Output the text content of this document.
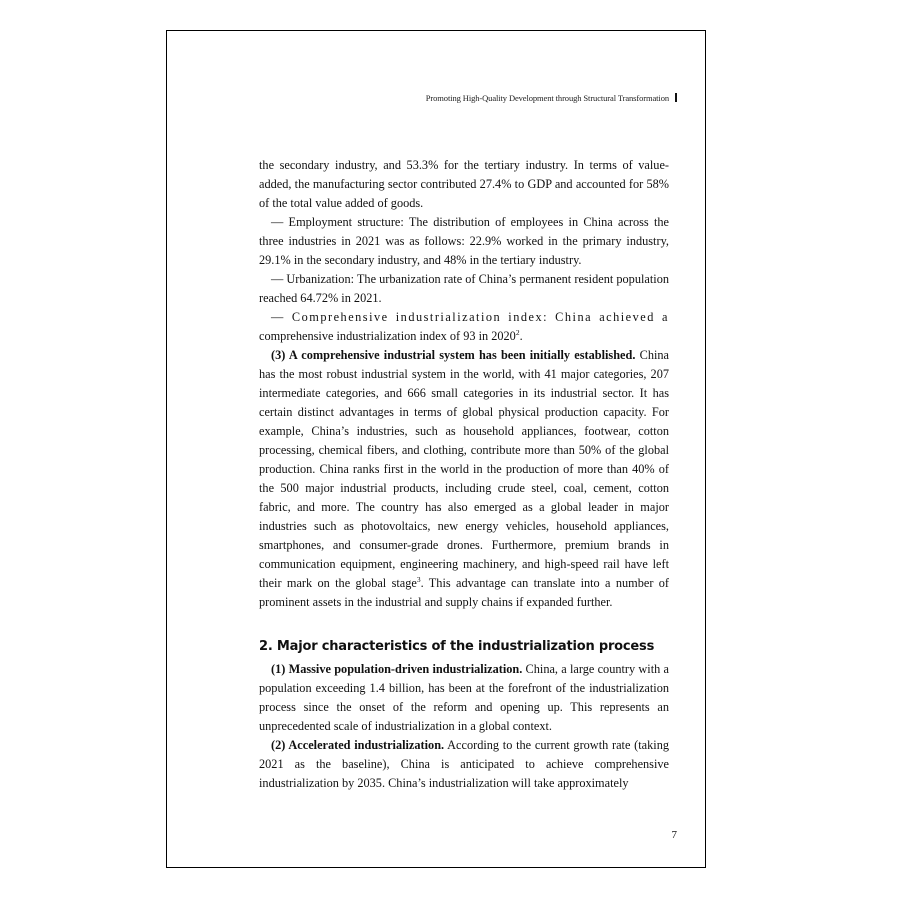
Promoting High-Quality Development through Structural Transformation

the secondary industry, and 53.3% for the tertiary industry. In terms of value-added, the manufacturing sector contributed 27.4% to GDP and accounted for 58% of the total value added of goods.

— Employment structure: The distribution of employees in China across the three industries in 2021 was as follows: 22.9% worked in the primary industry, 29.1% in the secondary industry, and 48% in the tertiary industry.

— Urbanization: The urbanization rate of China’s permanent resident population reached 64.72% in 2021.

— Comprehensive industrialization index: China achieved a

comprehensive industrialization index of 93 in 2020$^2$.

(3) A comprehensive industrial system has been initially established. China has the most robust industrial system in the world, with 41 major categories, 207 intermediate categories, and 666 small categories in its industrial sector. It has certain distinct advantages in terms of global physical production capacity. For example, China’s industries, such as household appliances, footwear, cotton processing, chemical fibers, and clothing, contribute more than 50% of the global production. China ranks first in the world in the production of more than 40% of the 500 major industrial products, including crude steel, coal, cement, cotton fabric, and more. The country has also emerged as a global leader in major industries such as photovoltaics, new energy vehicles, household appliances, smartphones, and consumer-grade drones. Furthermore, premium brands in communication equipment, engineering machinery, and high-speed rail have left their mark on the global stage$^3$. This advantage can translate into a number of prominent assets in the industrial and supply chains if expanded further.

2. Major characteristics of the industrialization process

(1) Massive population-driven industrialization. China, a large country with a population exceeding 1.4 billion, has been at the forefront of the industrialization process since the onset of the reform and opening up. This represents an unprecedented scale of industrialization in a global context.

(2) Accelerated industrialization. According to the current growth rate (taking 2021 as the baseline), China is anticipated to achieve comprehensive industrialization by 2035. China’s industrialization will take approximately

7
